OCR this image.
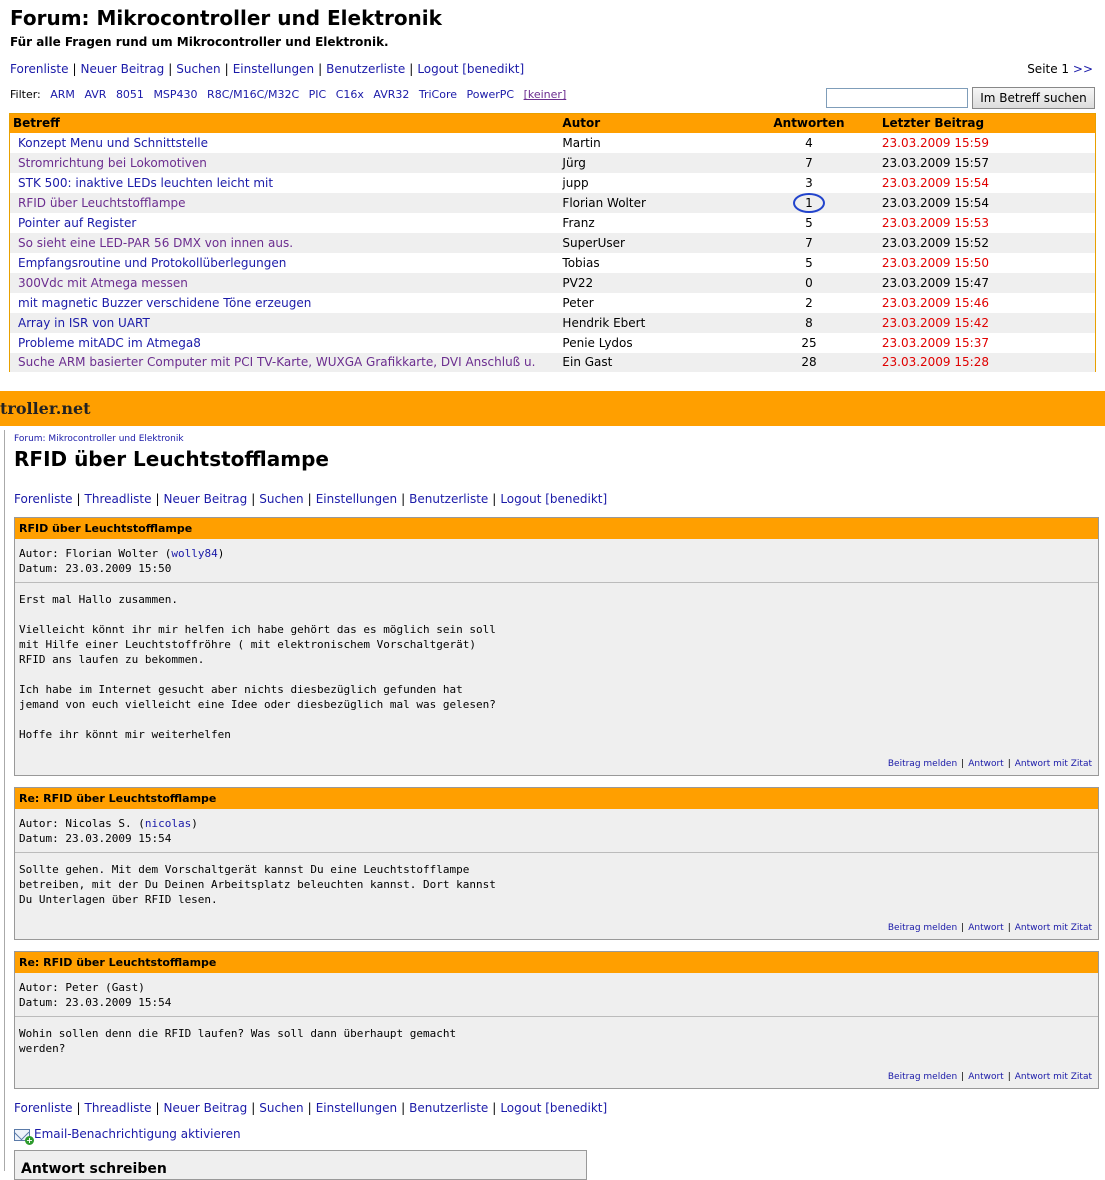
Forum: Mikrocontroller und Elektronik
Für alle Fragen rund um Mikrocontroller und Elektronik.
Forenliste | Neuer Beitrag | Suchen | Einstellungen | Benutzerliste | Logout [benedikt]	Seite 1 >>
Filter: ARM AVR 8051 MSP430 R8C/M16C/M32C PIC C16x AVR32 TriCore PowerPC [keiner]	Im Betreff suchen
Betreff	Autor	Antworten	Letzter Beitrag
Konzept Menu und Schnittstelle	Martin	4	23.03.2009 15:59
Stromrichtung bei Lokomotiven	Jürg	7	23.03.2009 15:57
STK 500: inaktive LEDs leuchten leicht mit	jupp	3	23.03.2009 15:54
RFID über Leuchtstofflampe	Florian Wolter	1	23.03.2009 15:54
Pointer auf Register	Franz	5	23.03.2009 15:53
So sieht eine LED-PAR 56 DMX von innen aus.	SuperUser	7	23.03.2009 15:52
Empfangsroutine und Protokollüberlegungen	Tobias	5	23.03.2009 15:50
300Vdc mit Atmega messen	PV22	0	23.03.2009 15:47
mit magnetic Buzzer verschidene Töne erzeugen	Peter	2	23.03.2009 15:46
Array in ISR von UART	Hendrik Ebert	8	23.03.2009 15:42
Probleme mitADC im Atmega8	Penie Lydos	25	23.03.2009 15:37
Suche ARM basierter Computer mit PCI TV-Karte, WUXGA Grafikkarte, DVI Anschluß u.	Ein Gast	28	23.03.2009 15:28
troller.net
Forum: Mikrocontroller und Elektronik
RFID über Leuchtstofflampe
Forenliste | Threadliste | Neuer Beitrag | Suchen | Einstellungen | Benutzerliste | Logout [benedikt]
RFID über Leuchtstofflampe
Autor: Florian Wolter (wolly84)
Datum: 23.03.2009 15:50
Erst mal Hallo zusammen.

Vielleicht könnt ihr mir helfen ich habe gehört das es möglich sein soll
mit Hilfe einer Leuchtstoffröhre ( mit elektronischem Vorschaltgerät)
RFID ans laufen zu bekommen.

Ich habe im Internet gesucht aber nichts diesbezüglich gefunden hat
jemand von euch vielleicht eine Idee oder diesbezüglich mal was gelesen?

Hoffe ihr könnt mir weiterhelfen
Beitrag melden | Antwort | Antwort mit Zitat
Re: RFID über Leuchtstofflampe
Autor: Nicolas S. (nicolas)
Datum: 23.03.2009 15:54
Sollte gehen. Mit dem Vorschaltgerät kannst Du eine Leuchtstofflampe
betreiben, mit der Du Deinen Arbeitsplatz beleuchten kannst. Dort kannst
Du Unterlagen über RFID lesen.
Beitrag melden | Antwort | Antwort mit Zitat
Re: RFID über Leuchtstofflampe
Autor: Peter (Gast)
Datum: 23.03.2009 15:54
Wohin sollen denn die RFID laufen? Was soll dann überhaupt gemacht
werden?
Beitrag melden | Antwort | Antwort mit Zitat
Forenliste | Threadliste | Neuer Beitrag | Suchen | Einstellungen | Benutzerliste | Logout [benedikt]
+ Email-Benachrichtigung aktivieren
Antwort schreiben
